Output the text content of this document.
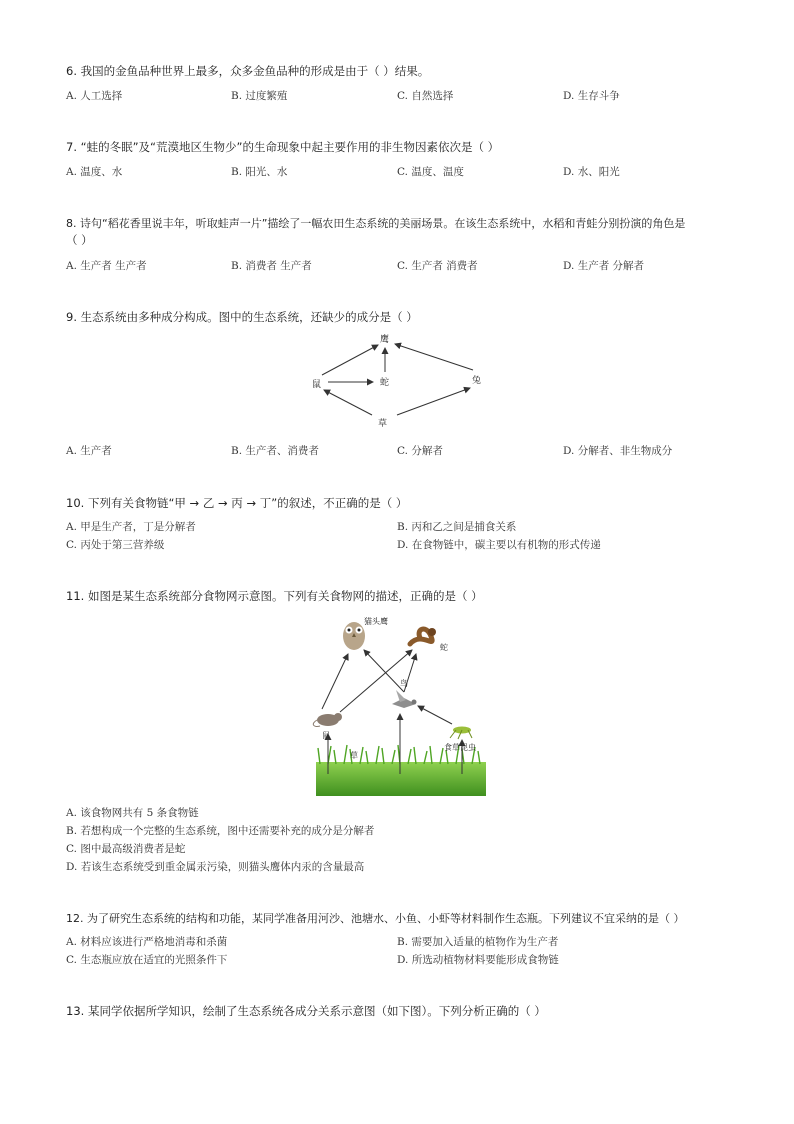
6. 我国的金鱼品种世界上最多，众多金鱼品种的形成是由于（ ）结果。
A. 人工选择	B. 过度繁殖	C. 自然选择	D. 生存斗争
7. “蛙的冬眠”及“荒漠地区生物少”的生命现象中起主要作用的非生物因素依次是（ ）
A. 温度、水	B. 阳光、水	C. 温度、温度	D. 水、阳光
8. 诗句“稻花香里说丰年，听取蛙声一片”描绘了一幅农田生态系统的美丽场景。在该生态系统中，水稻和青蛙分别扮演的角色是
（ ）
A. 生产者 生产者	B. 消费者 生产者	C. 生产者 消费者	D. 生产者 分解者
9. 生态系统由多种成分构成。图中的生态系统，还缺少的成分是（ ）
鹰
鼠	蛇	兔
草
A. 生产者	B. 生产者、消费者	C. 分解者	D. 分解者、非生物成分
10. 下列有关食物链“甲 → 乙 → 丙 → 丁”的叙述，不正确的是（ ）
A. 甲是生产者，丁是分解者	B. 丙和乙之间是捕食关系
C. 丙处于第三营养级	D. 在食物链中，碳主要以有机物的形式传递
11. 如图是某生态系统部分食物网示意图。下列有关食物网的描述，正确的是（ ）
猫头鹰
蛇
鸟
鼠
草
食草昆虫
A. 该食物网共有 5 条食物链
B. 若想构成一个完整的生态系统，图中还需要补充的成分是分解者
C. 图中最高级消费者是蛇
D. 若该生态系统受到重金属汞污染，则猫头鹰体内汞的含量最高
12. 为了研究生态系统的结构和功能，某同学准备用河沙、池塘水、小鱼、小虾等材料制作生态瓶。下列建议不宜采纳的是（ ）
A. 材料应该进行严格地消毒和杀菌	B. 需要加入适量的植物作为生产者
C. 生态瓶应放在适宜的光照条件下	D. 所选动植物材料要能形成食物链
13. 某同学依据所学知识，绘制了生态系统各成分关系示意图（如下图）。下列分析正确的（ ）
